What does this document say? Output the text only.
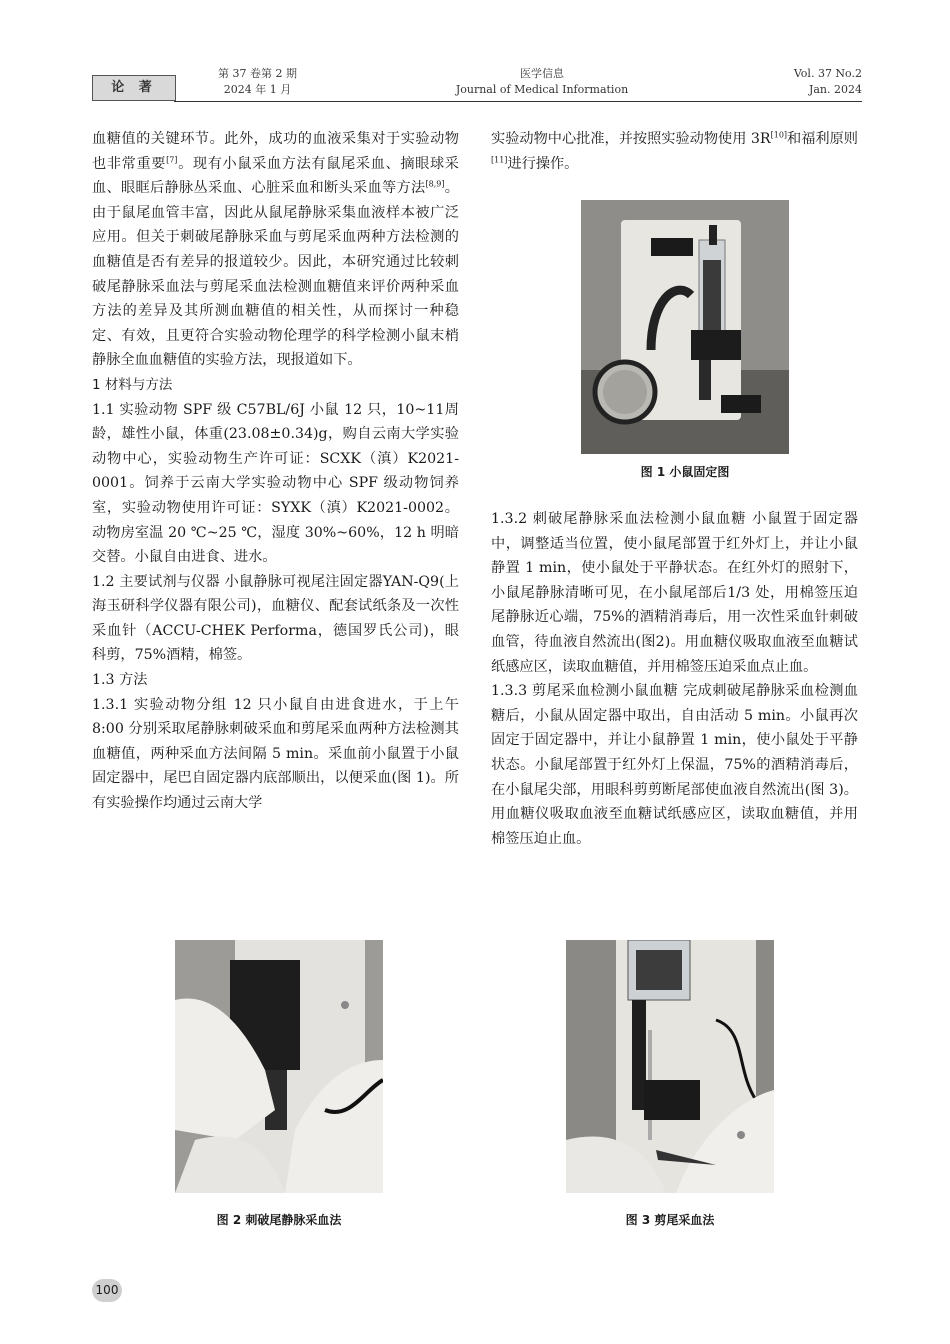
论 著
第 37 卷第 2 期
2024 年 1 月
医学信息
Journal of Medical Information
Vol. 37 No.2
Jan. 2024

血糖值的关键环节。此外，成功的血液采集对于实验动物也非常重要[7]。现有小鼠采血方法有鼠尾采血、摘眼球采血、眼眶后静脉丛采血、心脏采血和断头采血等方法[8,9]。由于鼠尾血管丰富，因此从鼠尾静脉采集血液样本被广泛应用。但关于刺破尾静脉采血与剪尾采血两种方法检测的血糖值是否有差异的报道较少。因此，本研究通过比较刺破尾静脉采血法与剪尾采血法检测血糖值来评价两种采血方法的差异及其所测血糖值的相关性，从而探讨一种稳定、有效，且更符合实验动物伦理学的科学检测小鼠末梢静脉全血血糖值的实验方法，现报道如下。

1 材料与方法

1.1 实验动物 SPF 级 C57BL/6J 小鼠 12 只，10~11周龄，雄性小鼠，体重(23.08±0.34)g，购自云南大学实验动物中心，实验动物生产许可证：SCXK（滇）K2021-0001。饲养于云南大学实验动物中心 SPF 级动物饲养室，实验动物使用许可证：SYXK（滇）K2021-0002。动物房室温 20 ℃~25 ℃，湿度 30%~60%，12 h 明暗交替。小鼠自由进食、进水。

1.2 主要试剂与仪器 小鼠静脉可视尾注固定器YAN-Q9(上海玉研科学仪器有限公司)，血糖仪、配套试纸条及一次性采血针（ACCU-CHEK Performa，德国罗氏公司)，眼科剪，75%酒精，棉签。

1.3 方法

1.3.1 实验动物分组 12 只小鼠自由进食进水，于上午 8:00 分别采取尾静脉刺破采血和剪尾采血两种方法检测其血糖值，两种采血方法间隔 5 min。采血前小鼠置于小鼠固定器中，尾巴自固定器内底部顺出，以便采血(图 1)。所有实验操作均通过云南大学

实验动物中心批准，并按照实验动物使用 3R[10]和福利原则[11]进行操作。

图 1 小鼠固定图

1.3.2 刺破尾静脉采血法检测小鼠血糖 小鼠置于固定器中，调整适当位置，使小鼠尾部置于红外灯上，并让小鼠静置 1 min，使小鼠处于平静状态。在红外灯的照射下，小鼠尾静脉清晰可见，在小鼠尾部后1/3 处，用棉签压迫尾静脉近心端，75%的酒精消毒后，用一次性采血针刺破血管，待血液自然流出(图2)。用血糖仪吸取血液至血糖试纸感应区，读取血糖值，并用棉签压迫采血点止血。

1.3.3 剪尾采血检测小鼠血糖 完成刺破尾静脉采血检测血糖后，小鼠从固定器中取出，自由活动 5 min。小鼠再次固定于固定器中，并让小鼠静置 1 min，使小鼠处于平静状态。小鼠尾部置于红外灯上保温，75%的酒精消毒后，在小鼠尾尖部，用眼科剪剪断尾部使血液自然流出(图 3)。用血糖仪吸取血液至血糖试纸感应区，读取血糖值，并用棉签压迫止血。

图 2 刺破尾静脉采血法	图 3 剪尾采血法
100
